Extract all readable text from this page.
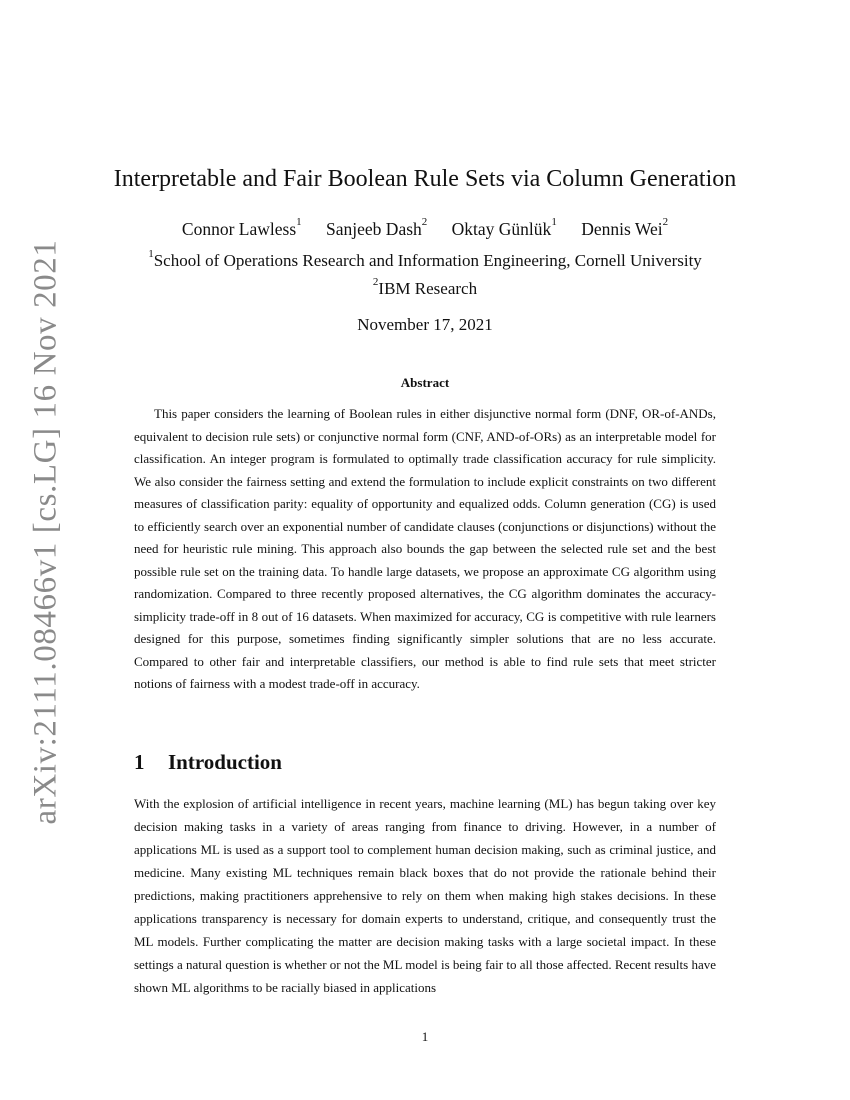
arXiv:2111.08466v1 [cs.LG] 16 Nov 2021
Interpretable and Fair Boolean Rule Sets via Column Generation
Connor Lawless$^1$ Sanjeeb Dash$^2$ Oktay Günlük$^1$ Dennis Wei$^2$
$^1$School of Operations Research and Information Engineering, Cornell University
$^2$IBM Research
November 17, 2021
Abstract

This paper considers the learning of Boolean rules in either disjunctive normal form (DNF, OR-of-ANDs, equivalent to decision rule sets) or conjunctive normal form (CNF, AND-of-ORs) as an interpretable model for classification. An integer program is formulated to optimally trade classification accuracy for rule simplicity. We also consider the fairness setting and extend the formulation to include explicit constraints on two different measures of classification parity: equality of opportunity and equalized odds. Column generation (CG) is used to efficiently search over an exponential number of candidate clauses (conjunctions or disjunctions) without the need for heuristic rule mining. This approach also bounds the gap between the selected rule set and the best possible rule set on the training data. To handle large datasets, we propose an approximate CG algorithm using randomization. Compared to three recently proposed alternatives, the CG algorithm dominates the accuracy-simplicity trade-off in 8 out of 16 datasets. When maximized for accuracy, CG is competitive with rule learners designed for this purpose, sometimes finding significantly simpler solutions that are no less accurate. Compared to other fair and interpretable classifiers, our method is able to find rule sets that meet stricter notions of fairness with a modest trade-off in accuracy.

1 Introduction

With the explosion of artificial intelligence in recent years, machine learning (ML) has begun taking over key decision making tasks in a variety of areas ranging from finance to driving. However, in a number of applications ML is used as a support tool to complement human decision making, such as criminal justice, and medicine. Many existing ML techniques remain black boxes that do not provide the rationale behind their predictions, making practitioners apprehensive to rely on them when making high stakes decisions. In these applications transparency is necessary for domain experts to understand, critique, and consequently trust the ML models. Further complicating the matter are decision making tasks with a large societal impact. In these settings a natural question is whether or not the ML model is being fair to all those affected. Recent results have shown ML algorithms to be racially biased in applications

1
